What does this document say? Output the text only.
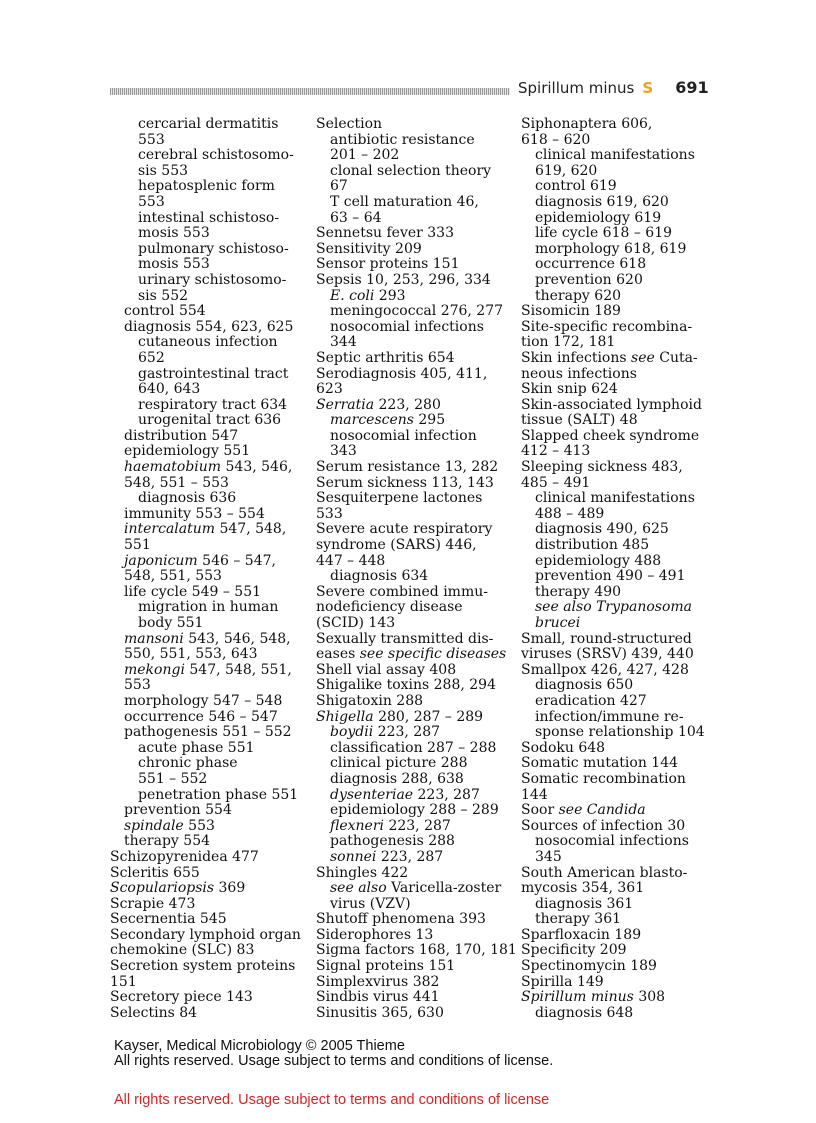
Spirillum minus S 691
cercarial dermatitis
553
cerebral schistosomo-
sis 553
hepatosplenic form
553
intestinal schistoso-
mosis 553
pulmonary schistoso-
mosis 553
urinary schistosomo-
sis 552
control 554
diagnosis 554, 623, 625
cutaneous infection
652
gastrointestinal tract
640, 643
respiratory tract 634
urogenital tract 636
distribution 547
epidemiology 551
haematobium 543, 546,
548, 551 – 553
diagnosis 636
immunity 553 – 554
intercalatum 547, 548,
551
japonicum 546 – 547,
548, 551, 553
life cycle 549 – 551
migration in human
body 551
mansoni 543, 546, 548,
550, 551, 553, 643
mekongi 547, 548, 551,
553
morphology 547 – 548
occurrence 546 – 547
pathogenesis 551 – 552
acute phase 551
chronic phase
551 – 552
penetration phase 551
prevention 554
spindale 553
therapy 554
Schizopyrenidea 477
Scleritis 655
Scopulariopsis 369
Scrapie 473
Secernentia 545
Secondary lymphoid organ
chemokine (SLC) 83
Secretion system proteins
151
Secretory piece 143
Selectins 84
Selection
antibiotic resistance
201 – 202
clonal selection theory
67
T cell maturation 46,
63 – 64
Sennetsu fever 333
Sensitivity 209
Sensor proteins 151
Sepsis 10, 253, 296, 334
E. coli 293
meningococcal 276, 277
nosocomial infections
344
Septic arthritis 654
Serodiagnosis 405, 411,
623
Serratia 223, 280
marcescens 295
nosocomial infection
343
Serum resistance 13, 282
Serum sickness 113, 143
Sesquiterpene lactones
533
Severe acute respiratory
syndrome (SARS) 446,
447 – 448
diagnosis 634
Severe combined immu-
nodeficiency disease
(SCID) 143
Sexually transmitted dis-
eases see specific diseases
Shell vial assay 408
Shigalike toxins 288, 294
Shigatoxin 288
Shigella 280, 287 – 289
boydii 223, 287
classification 287 – 288
clinical picture 288
diagnosis 288, 638
dysenteriae 223, 287
epidemiology 288 – 289
flexneri 223, 287
pathogenesis 288
sonnei 223, 287
Shingles 422
see also Varicella-zoster
virus (VZV)
Shutoff phenomena 393
Siderophores 13
Sigma factors 168, 170, 181
Signal proteins 151
Simplexvirus 382
Sindbis virus 441
Sinusitis 365, 630
Siphonaptera 606,
618 – 620
clinical manifestations
619, 620
control 619
diagnosis 619, 620
epidemiology 619
life cycle 618 – 619
morphology 618, 619
occurrence 618
prevention 620
therapy 620
Sisomicin 189
Site-specific recombina-
tion 172, 181
Skin infections see Cuta-
neous infections
Skin snip 624
Skin-associated lymphoid
tissue (SALT) 48
Slapped cheek syndrome
412 – 413
Sleeping sickness 483,
485 – 491
clinical manifestations
488 – 489
diagnosis 490, 625
distribution 485
epidemiology 488
prevention 490 – 491
therapy 490
see also Trypanosoma
brucei
Small, round-structured
viruses (SRSV) 439, 440
Smallpox 426, 427, 428
diagnosis 650
eradication 427
infection/immune re-
sponse relationship 104
Sodoku 648
Somatic mutation 144
Somatic recombination
144
Soor see Candida
Sources of infection 30
nosocomial infections
345
South American blasto-
mycosis 354, 361
diagnosis 361
therapy 361
Sparfloxacin 189
Specificity 209
Spectinomycin 189
Spirilla 149
Spirillum minus 308
diagnosis 648
Kayser, Medical Microbiology © 2005 Thieme
All rights reserved. Usage subject to terms and conditions of license.
All rights reserved. Usage subject to terms and conditions of license
